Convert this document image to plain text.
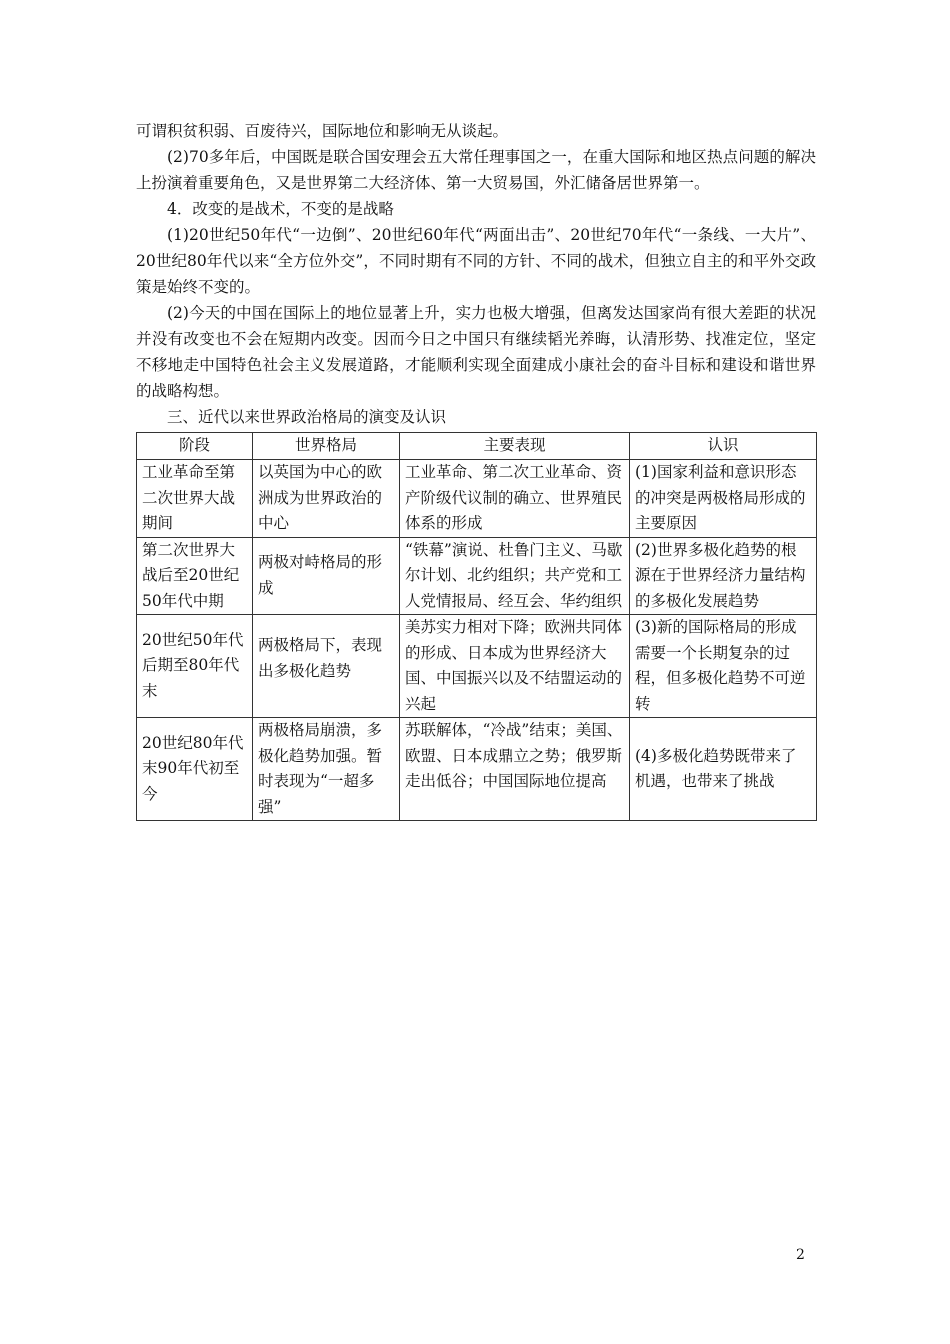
可谓积贫积弱、百废待兴，国际地位和影响无从谈起。

(2)70多年后，中国既是联合国安理会五大常任理事国之一，在重大国际和地区热点问题的解决上扮演着重要角色，又是世界第二大经济体、第一大贸易国，外汇储备居世界第一。

4．改变的是战术，不变的是战略

(1)20世纪50年代“一边倒”、20世纪60年代“两面出击”、20世纪70年代“一条线、一大片”、20世纪80年代以来“全方位外交”，不同时期有不同的方针、不同的战术，但独立自主的和平外交政策是始终不变的。

(2)今天的中国在国际上的地位显著上升，实力也极大增强，但离发达国家尚有很大差距的状况并没有改变也不会在短期内改变。因而今日之中国只有继续韬光养晦，认清形势、找准定位，坚定不移地走中国特色社会主义发展道路，才能顺利实现全面建成小康社会的奋斗目标和建设和谐世界的战略构想。

三、近代以来世界政治格局的演变及认识

阶段	世界格局	主要表现	认识
工业革命至第二次世界大战期间	以英国为中心的欧洲成为世界政治的中心	工业革命、第二次工业革命、资产阶级代议制的确立、世界殖民体系的形成	(1)国家利益和意识形态的冲突是两极格局形成的主要原因
第二次世界大战后至20世纪50年代中期	两极对峙格局的形成	“铁幕”演说、杜鲁门主义、马歇尔计划、北约组织；共产党和工人党情报局、经互会、华约组织	(2)世界多极化趋势的根源在于世界经济力量结构的多极化发展趋势
20世纪50年代后期至80年代末	两极格局下，表现出多极化趋势	美苏实力相对下降；欧洲共同体的形成、日本成为世界经济大国、中国振兴以及不结盟运动的兴起	(3)新的国际格局的形成需要一个长期复杂的过程，但多极化趋势不可逆转
20世纪80年代末90年代初至今	两极格局崩溃，多极化趋势加强。暂时表现为“一超多强”	苏联解体，“冷战”结束；美国、欧盟、日本成鼎立之势；俄罗斯走出低谷；中国国际地位提高	(4)多极化趋势既带来了机遇，也带来了挑战
2
